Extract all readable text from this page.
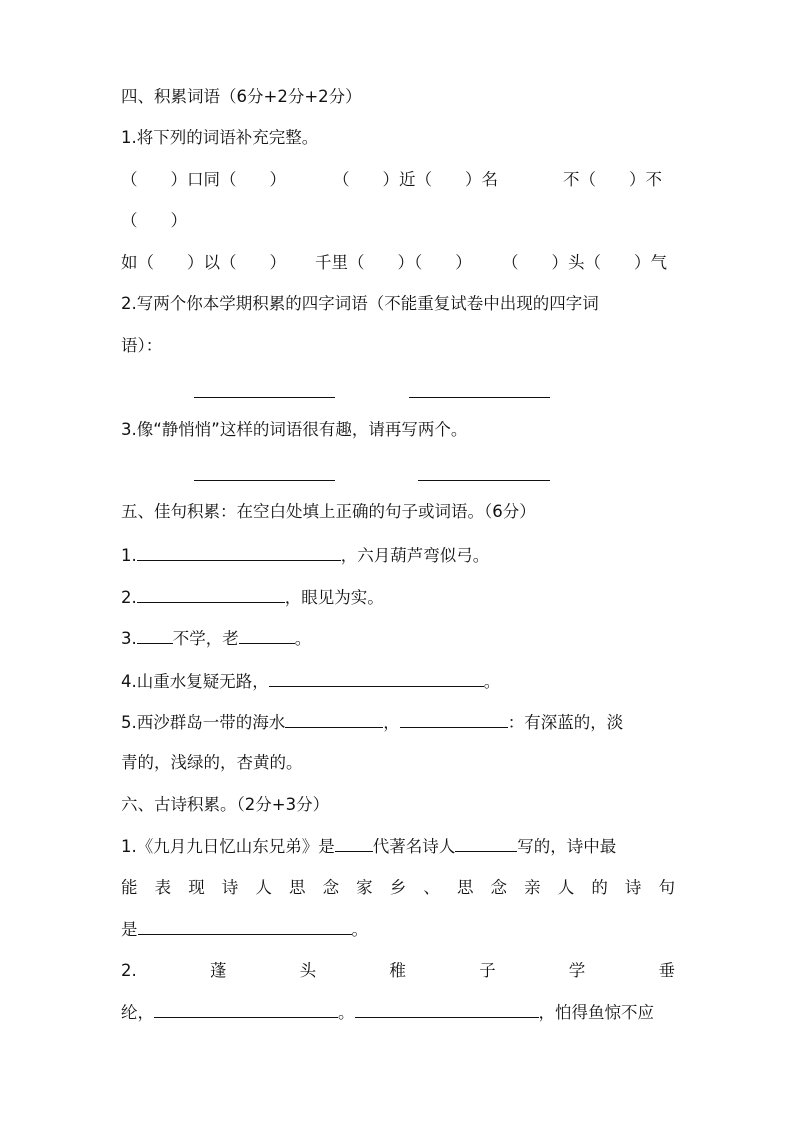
四、积累词语（6分+2分+2分）
1.将下列的词语补充完整。
（　　）口同（　　）	（　　）近（　　）名	不（　　）不
（　　）
如（　　）以（　　） 千里（　　）（　　） （　　）头（　　）气
2.写两个你本学期积累的四字词语（不能重复试卷中出现的四字词
语）：
3.像“静悄悄”这样的词语很有趣，请再写两个。
五、佳句积累：在空白处填上正确的句子或词语。（6分）
1.	，六月葫芦弯似弓。
2.	，眼见为实。
3. 不学，老	。
4.山重水复疑无路，	。
5.西沙群岛一带的海水	，	：有深蓝的，淡
青的，浅绿的，杏黄的。
六、古诗积累。（2分+3分）
1.《九月九日忆山东兄弟》是 代著名诗人	写的，诗中最
能 表 现 诗 人 思 念 家 乡 、 思 念 亲 人 的 诗 句
是	。
2.	蓬	头	稚	子	学	垂
纶，	。	，怕得鱼惊不应
